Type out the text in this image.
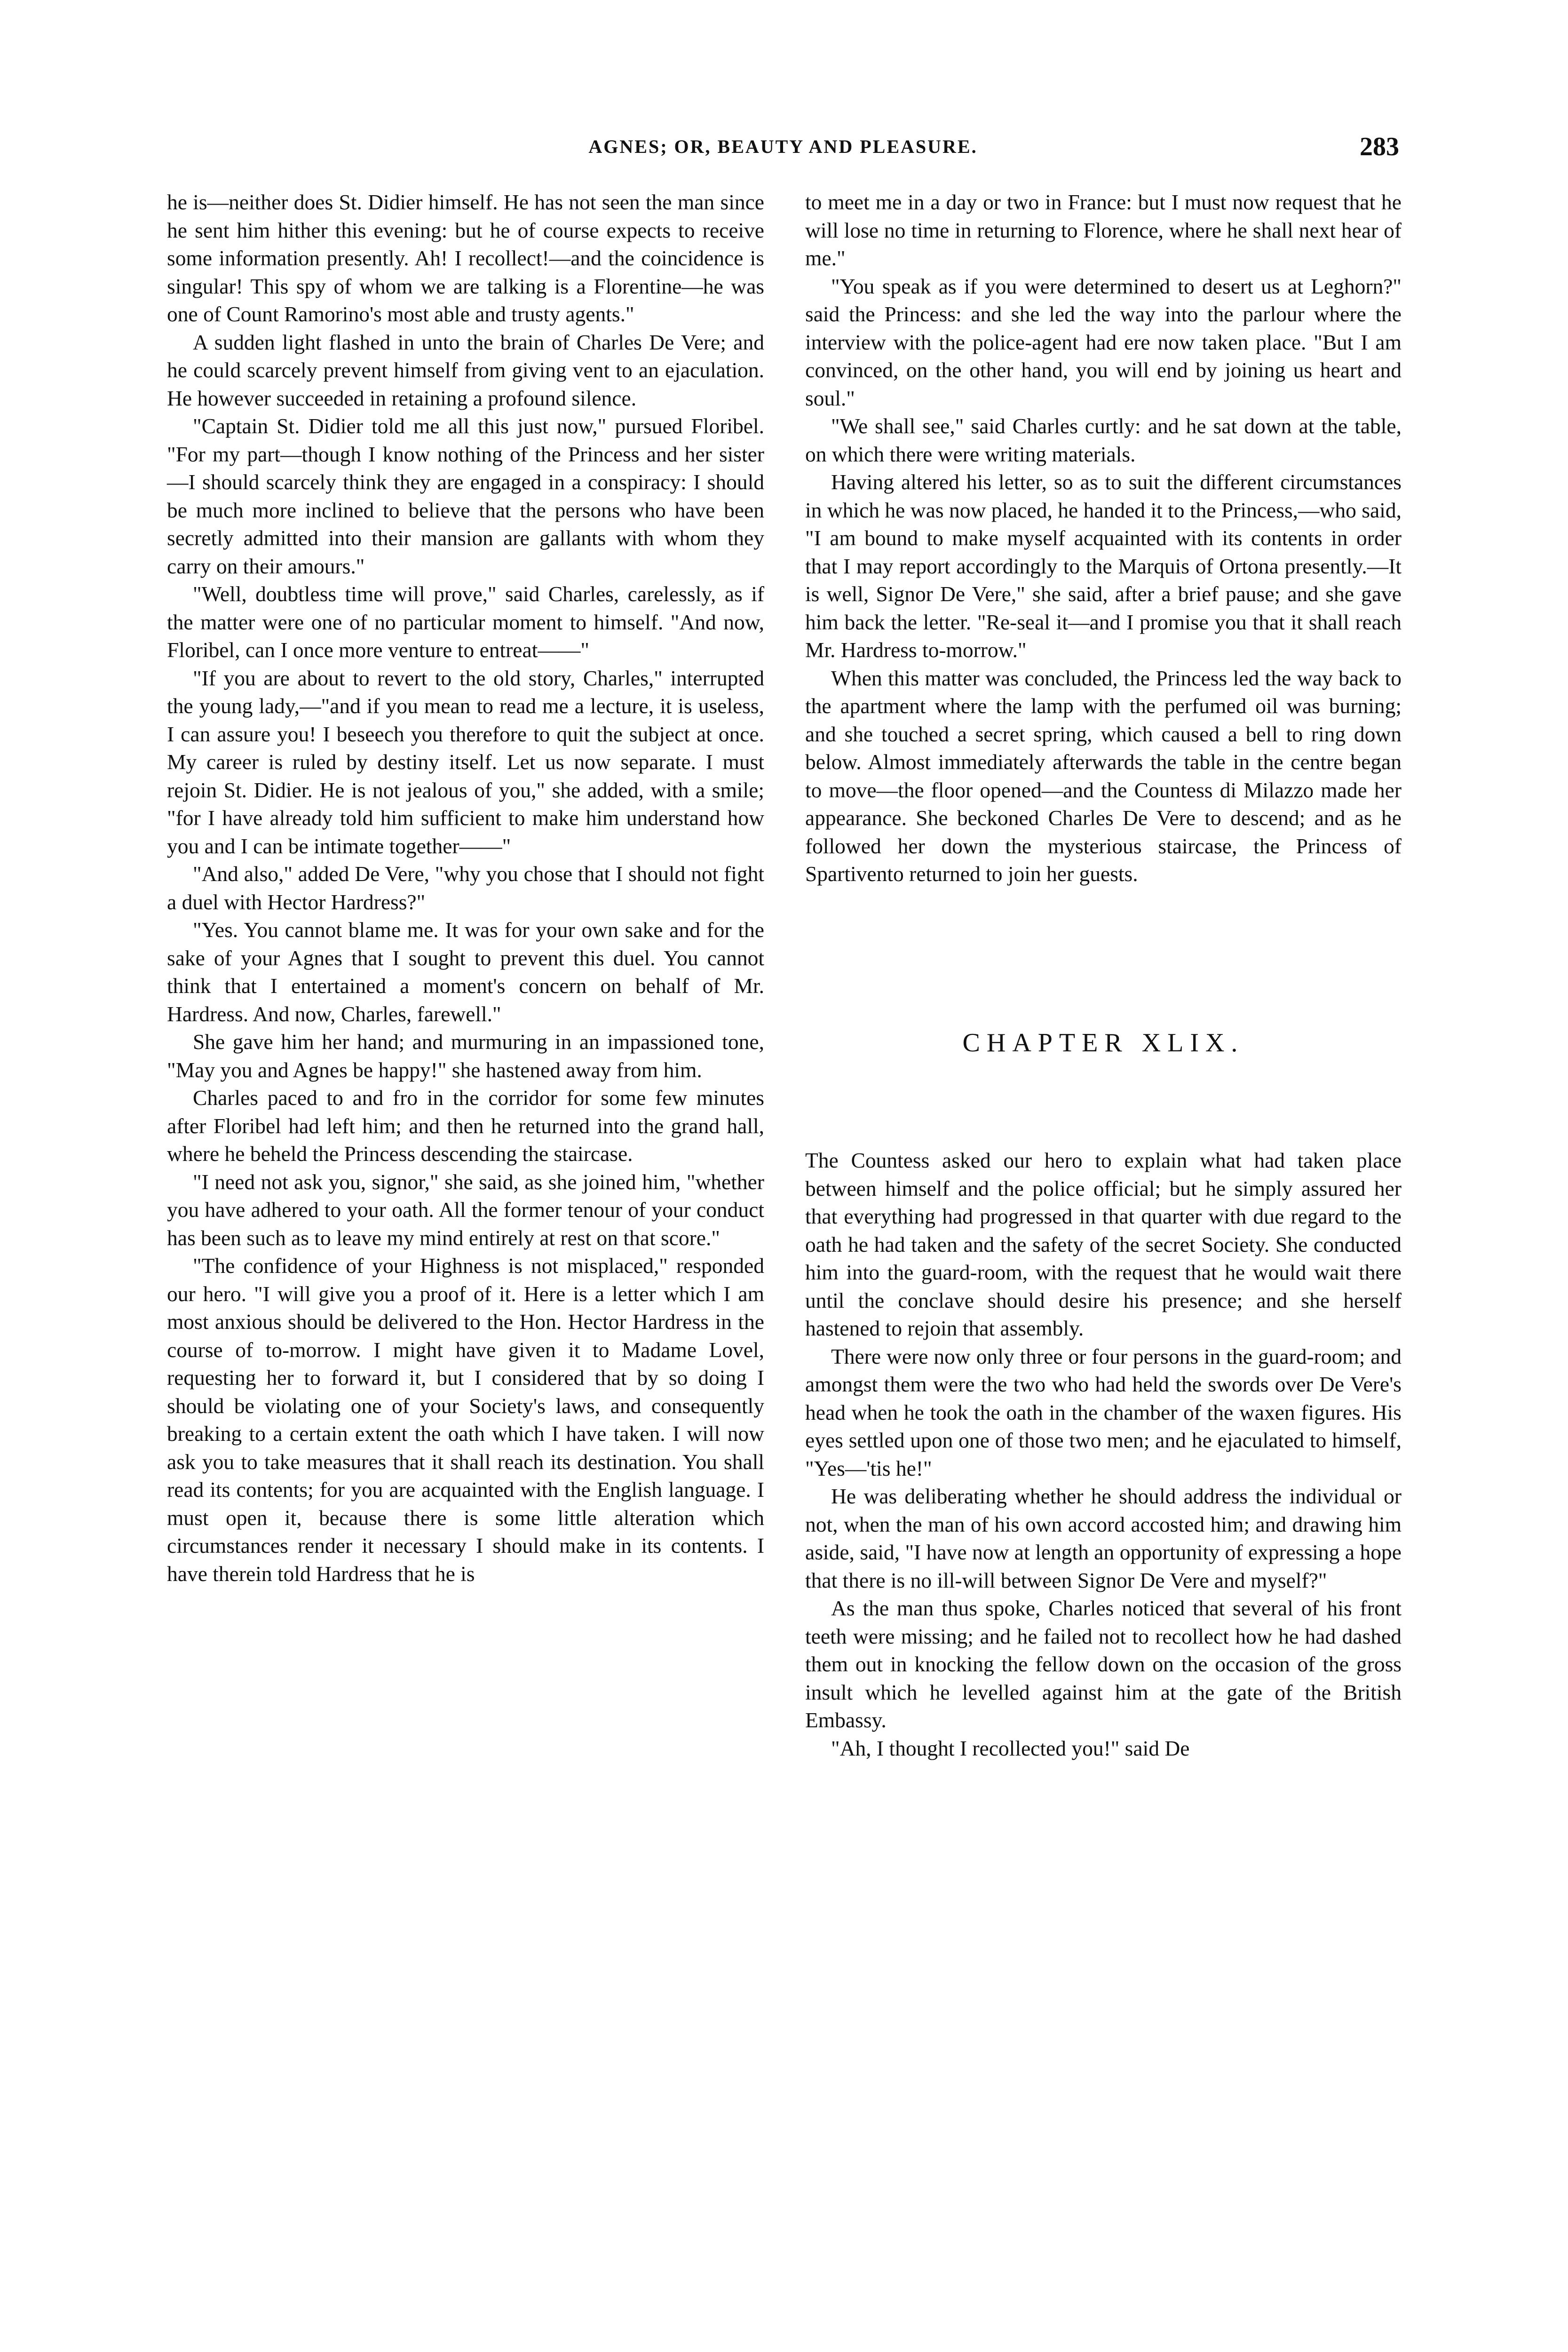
AGNES; OR, BEAUTY AND PLEASURE.	283

he is—neither does St. Didier himself. He has not seen the man since he sent him hither this evening: but he of course expects to receive some information presently. Ah! I recollect!—and the coincidence is singular! This spy of whom we are talking is a Florentine—he was one of Count Ramorino's most able and trusty agents."

A sudden light flashed in unto the brain of Charles De Vere; and he could scarcely prevent himself from giving vent to an ejaculation. He however succeeded in retaining a profound silence.

"Captain St. Didier told me all this just now," pursued Floribel. "For my part—though I know nothing of the Princess and her sister—I should scarcely think they are engaged in a conspiracy: I should be much more inclined to believe that the persons who have been secretly admitted into their mansion are gallants with whom they carry on their amours."

"Well, doubtless time will prove," said Charles, carelessly, as if the matter were one of no particular moment to himself. "And now, Floribel, can I once more venture to entreat——"

"If you are about to revert to the old story, Charles," interrupted the young lady,—"and if you mean to read me a lecture, it is useless, I can assure you! I beseech you therefore to quit the subject at once. My career is ruled by destiny itself. Let us now separate. I must rejoin St. Didier. He is not jealous of you," she added, with a smile; "for I have already told him sufficient to make him understand how you and I can be intimate together——"

"And also," added De Vere, "why you chose that I should not fight a duel with Hector Hardress?"

"Yes. You cannot blame me. It was for your own sake and for the sake of your Agnes that I sought to prevent this duel. You cannot think that I entertained a moment's concern on behalf of Mr. Hardress. And now, Charles, farewell."

She gave him her hand; and murmuring in an impassioned tone, "May you and Agnes be happy!" she hastened away from him.

Charles paced to and fro in the corridor for some few minutes after Floribel had left him; and then he returned into the grand hall, where he beheld the Princess descending the staircase.

"I need not ask you, signor," she said, as she joined him, "whether you have adhered to your oath. All the former tenour of your conduct has been such as to leave my mind entirely at rest on that score."

"The confidence of your Highness is not misplaced," responded our hero. "I will give you a proof of it. Here is a letter which I am most anxious should be delivered to the Hon. Hector Hardress in the course of to-morrow. I might have given it to Madame Lovel, requesting her to forward it, but I considered that by so doing I should be violating one of your Society's laws, and consequently breaking to a certain extent the oath which I have taken. I will now ask you to take measures that it shall reach its destination. You shall read its contents; for you are acquainted with the English language. I must open it, because there is some little alteration which circumstances render it necessary I should make in its contents. I have therein told Hardress that he is

to meet me in a day or two in France: but I must now request that he will lose no time in returning to Florence, where he shall next hear of me."

"You speak as if you were determined to desert us at Leghorn?" said the Princess: and she led the way into the parlour where the interview with the police-agent had ere now taken place. "But I am convinced, on the other hand, you will end by joining us heart and soul."

"We shall see," said Charles curtly: and he sat down at the table, on which there were writing materials.

Having altered his letter, so as to suit the different circumstances in which he was now placed, he handed it to the Princess,—who said, "I am bound to make myself acquainted with its contents in order that I may report accordingly to the Marquis of Ortona presently.—It is well, Signor De Vere," she said, after a brief pause; and she gave him back the letter. "Re-seal it—and I promise you that it shall reach Mr. Hardress to-morrow."

When this matter was concluded, the Princess led the way back to the apartment where the lamp with the perfumed oil was burning; and she touched a secret spring, which caused a bell to ring down below. Almost immediately afterwards the table in the centre began to move—the floor opened—and the Countess di Milazzo made her appearance. She beckoned Charles De Vere to descend; and as he followed her down the mysterious staircase, the Princess of Spartivento returned to join her guests.

CHAPTER XLIX.

The Countess asked our hero to explain what had taken place between himself and the police official; but he simply assured her that everything had progressed in that quarter with due regard to the oath he had taken and the safety of the secret Society. She conducted him into the guard-room, with the request that he would wait there until the conclave should desire his presence; and she herself hastened to rejoin that assembly.

There were now only three or four persons in the guard-room; and amongst them were the two who had held the swords over De Vere's head when he took the oath in the chamber of the waxen figures. His eyes settled upon one of those two men; and he ejaculated to himself, "Yes—'tis he!"

He was deliberating whether he should address the individual or not, when the man of his own accord accosted him; and drawing him aside, said, "I have now at length an opportunity of expressing a hope that there is no ill-will between Signor De Vere and myself?"

As the man thus spoke, Charles noticed that several of his front teeth were missing; and he failed not to recollect how he had dashed them out in knocking the fellow down on the occasion of the gross insult which he levelled against him at the gate of the British Embassy.

"Ah, I thought I recollected you!" said De
